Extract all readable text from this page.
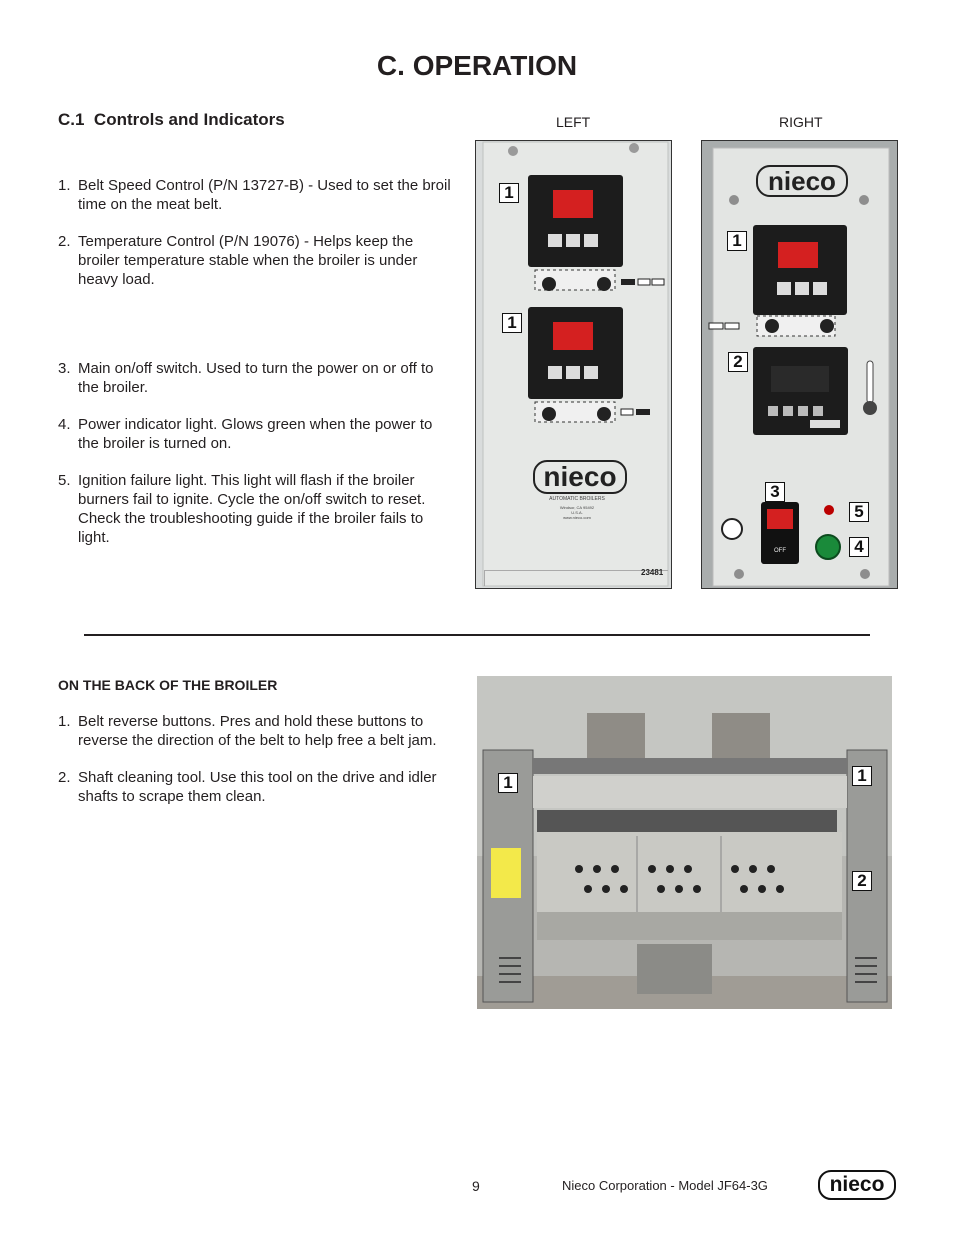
C. OPERATION
C.1 Controls and Indicators	LEFT	RIGHT
1. Belt Speed Control (P/N 13727-B) - Used to set the broil time on the meat belt.
2. Temperature Control (P/N 19076) - Helps keep the broiler temperature stable when the broiler is under heavy load.
3. Main on/off switch. Used to turn the power on or off to the broiler.
4. Power indicator light. Glows green when the power to the broiler is turned on.
5. Ignition failure light. This light will flash if the broiler burners fail to ignite. Cycle the on/off switch to reset. Check the troubleshooting guide if the broiler fails to light.
nieco
AUTOMATIC BROILERS
Windsor, CA 95492
U.S.A.
www.nieco.com
23481
1
1
nieco
OFF
1
2
3
5
4
ON THE BACK OF THE BROILER
1. Belt reverse buttons. Pres and hold these buttons to reverse the direction of the belt to help free a belt jam.
2. Shaft cleaning tool. Use this tool on the drive and idler shafts to scrape them clean.
1	1
2
9	Nieco Corporation - Model JF64-3G	nieco
